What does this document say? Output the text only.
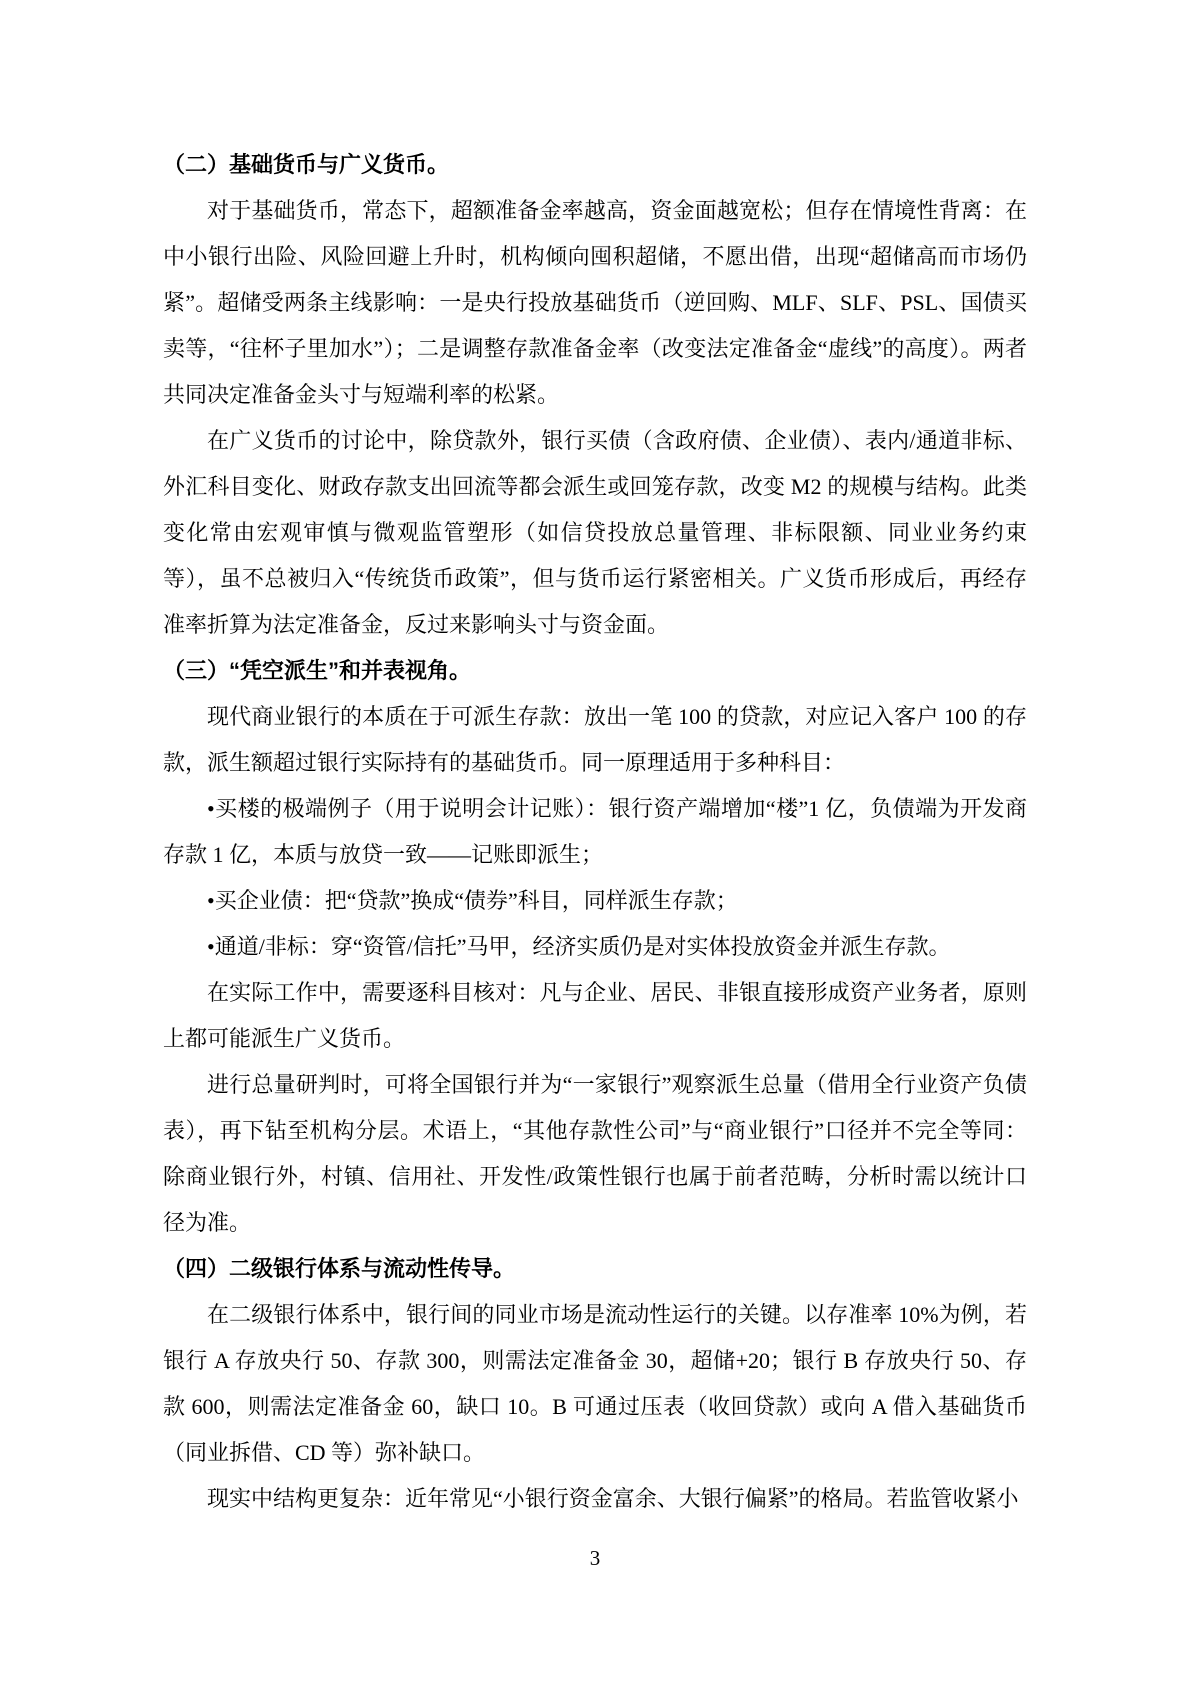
（二）基础货币与广义货币。

对于基础货币，常态下，超额准备金率越高，资金面越宽松；但存在情境性背离：在中小银行出险、风险回避上升时，机构倾向囤积超储，不愿出借，出现“超储高而市场仍紧”。超储受两条主线影响：一是央行投放基础货币（逆回购、MLF、SLF、PSL、国债买卖等，“往杯子里加水”）；二是调整存款准备金率（改变法定准备金“虚线”的高度）。两者共同决定准备金头寸与短端利率的松紧。

在广义货币的讨论中，除贷款外，银行买债（含政府债、企业债）、表内/通道非标、外汇科目变化、财政存款支出回流等都会派生或回笼存款，改变 M2 的规模与结构。此类变化常由宏观审慎与微观监管塑形（如信贷投放总量管理、非标限额、同业业务约束等），虽不总被归入“传统货币政策”，但与货币运行紧密相关。广义货币形成后，再经存准率折算为法定准备金，反过来影响头寸与资金面。

（三）“凭空派生”和并表视角。

现代商业银行的本质在于可派生存款：放出一笔 100 的贷款，对应记入客户 100 的存款，派生额超过银行实际持有的基础货币。同一原理适用于多种科目：

•买楼的极端例子（用于说明会计记账）：银行资产端增加“楼”1 亿，负债端为开发商存款 1 亿，本质与放贷一致——记账即派生；

•买企业债：把“贷款”换成“债券”科目，同样派生存款；

•通道/非标：穿“资管/信托”马甲，经济实质仍是对实体投放资金并派生存款。

在实际工作中，需要逐科目核对：凡与企业、居民、非银直接形成资产业务者，原则上都可能派生广义货币。

进行总量研判时，可将全国银行并为“一家银行”观察派生总量（借用全行业资产负债表），再下钻至机构分层。术语上，“其他存款性公司”与“商业银行”口径并不完全等同：除商业银行外，村镇、信用社、开发性/政策性银行也属于前者范畴，分析时需以统计口径为准。

（四）二级银行体系与流动性传导。

在二级银行体系中，银行间的同业市场是流动性运行的关键。以存准率 10%为例，若银行 A 存放央行 50、存款 300，则需法定准备金 30，超储+20；银行 B 存放央行 50、存款 600，则需法定准备金 60，缺口 10。B 可通过压表（收回贷款）或向 A 借入基础货币（同业拆借、CD 等）弥补缺口。

现实中结构更复杂：近年常见“小银行资金富余、大银行偏紧”的格局。若监管收紧小

3
